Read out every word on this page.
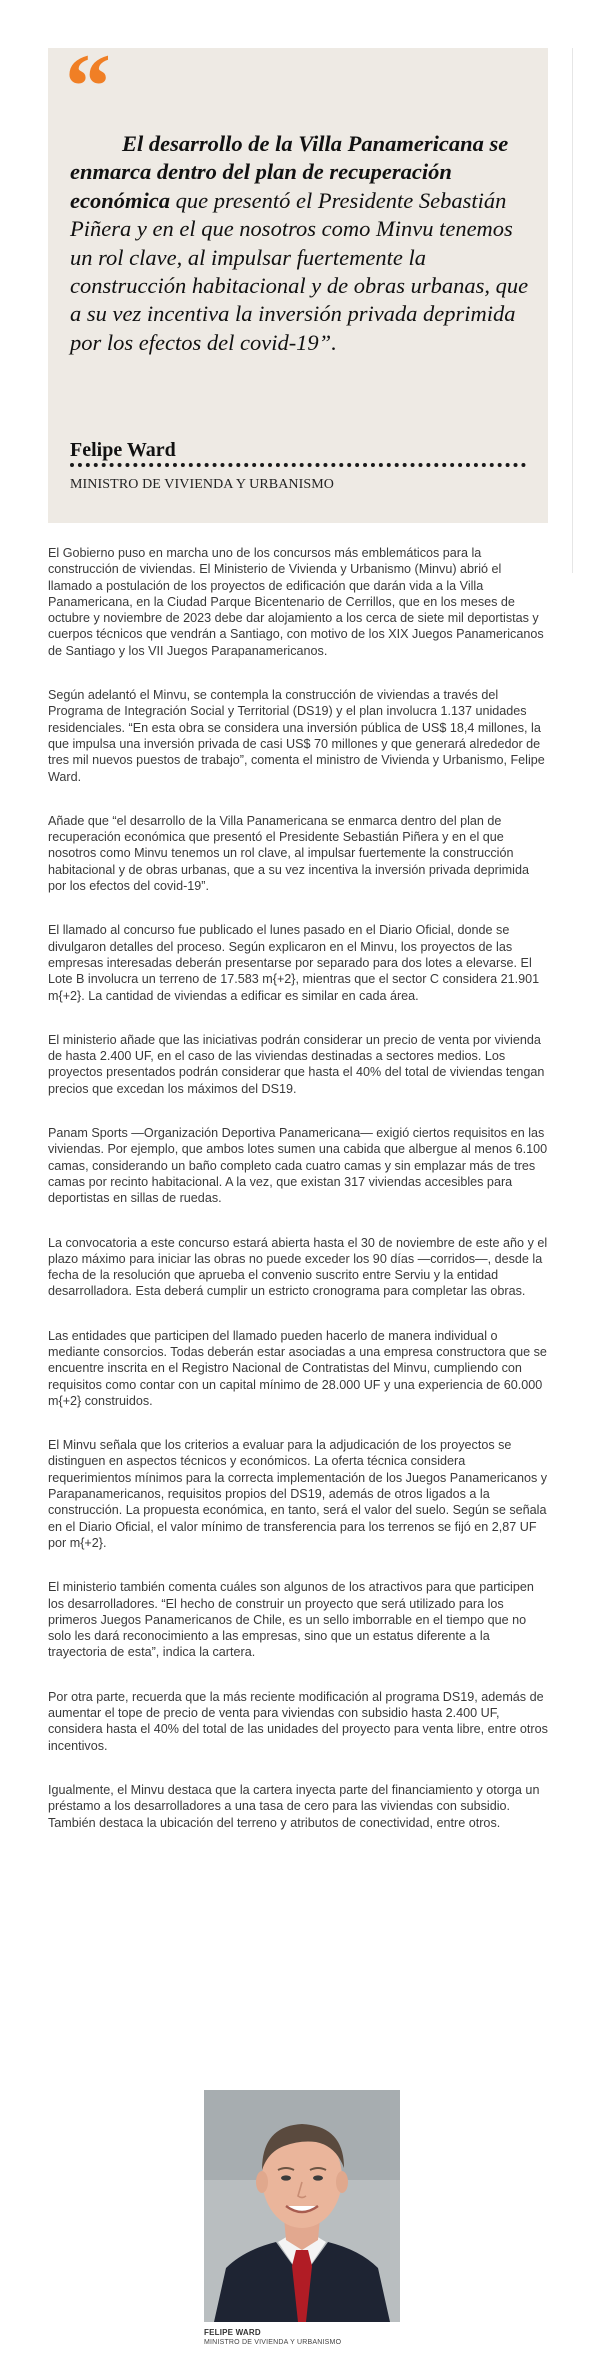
“

El desarrollo de la Villa Panamericana se enmarca dentro del plan de recuperación económica que presentó el Presidente Sebastián Piñera y en el que nosotros como Minvu tenemos un rol clave, al impulsar fuertemente la construcción habitacional y de obras urbanas, que a su vez incentiva la inversión privada deprimida por los efectos del covid-19”.

Felipe Ward

MINISTRO DE VIVIENDA Y URBANISMO

El Gobierno puso en marcha uno de los concursos más emblemáticos para la construcción de viviendas. El Ministerio de Vivienda y Urbanismo (Minvu) abrió el llamado a postulación de los proyectos de edificación que darán vida a la Villa Panamericana, en la Ciudad Parque Bicentenario de Cerrillos, que en los meses de octubre y noviembre de 2023 debe dar alojamiento a los cerca de siete mil deportistas y cuerpos técnicos que vendrán a Santiago, con motivo de los XIX Juegos Panamericanos de Santiago y los VII Juegos Parapanamericanos.

Según adelantó el Minvu, se contempla la construcción de viviendas a través del Programa de Integración Social y Territorial (DS19) y el plan involucra 1.137 unidades residenciales. “En esta obra se considera una inversión pública de US$ 18,4 millones, la que impulsa una inversión privada de casi US$ 70 millones y que generará alrededor de tres mil nuevos puestos de trabajo”, comenta el ministro de Vivienda y Urbanismo, Felipe Ward.

Añade que “el desarrollo de la Villa Panamericana se enmarca dentro del plan de recuperación económica que presentó el Presidente Sebastián Piñera y en el que nosotros como Minvu tenemos un rol clave, al impulsar fuertemente la construcción habitacional y de obras urbanas, que a su vez incentiva la inversión privada deprimida por los efectos del covid-19”.

El llamado al concurso fue publicado el lunes pasado en el Diario Oficial, donde se divulgaron detalles del proceso. Según explicaron en el Minvu, los proyectos de las empresas interesadas deberán presentarse por separado para dos lotes a elevarse. El Lote B involucra un terreno de 17.583 m{+2}, mientras que el sector C considera 21.901 m{+2}. La cantidad de viviendas a edificar es similar en cada área.

El ministerio añade que las iniciativas podrán considerar un precio de venta por vivienda de hasta 2.400 UF, en el caso de las viviendas destinadas a sectores medios. Los proyectos presentados podrán considerar que hasta el 40% del total de viviendas tengan precios que excedan los máximos del DS19.

Panam Sports —Organización Deportiva Panamericana— exigió ciertos requisitos en las viviendas. Por ejemplo, que ambos lotes sumen una cabida que albergue al menos 6.100 camas, considerando un baño completo cada cuatro camas y sin emplazar más de tres camas por recinto habitacional. A la vez, que existan 317 viviendas accesibles para deportistas en sillas de ruedas.

La convocatoria a este concurso estará abierta hasta el 30 de noviembre de este año y el plazo máximo para iniciar las obras no puede exceder los 90 días —corridos—, desde la fecha de la resolución que aprueba el convenio suscrito entre Serviu y la entidad desarrolladora. Esta deberá cumplir un estricto cronograma para completar las obras.

Las entidades que participen del llamado pueden hacerlo de manera individual o mediante consorcios. Todas deberán estar asociadas a una empresa constructora que se encuentre inscrita en el Registro Nacional de Contratistas del Minvu, cumpliendo con requisitos como contar con un capital mínimo de 28.000 UF y una experiencia de 60.000 m{+2} construidos.

El Minvu señala que los criterios a evaluar para la adjudicación de los proyectos se distinguen en aspectos técnicos y económicos. La oferta técnica considera requerimientos mínimos para la correcta implementación de los Juegos Panamericanos y Parapanamericanos, requisitos propios del DS19, además de otros ligados a la construcción. La propuesta económica, en tanto, será el valor del suelo. Según se señala en el Diario Oficial, el valor mínimo de transferencia para los terrenos se fijó en 2,87 UF por m{+2}.

El ministerio también comenta cuáles son algunos de los atractivos para que participen los desarrolladores. “El hecho de construir un proyecto que será utilizado para los primeros Juegos Panamericanos de Chile, es un sello imborrable en el tiempo que no solo les dará reconocimiento a las empresas, sino que un estatus diferente a la trayectoria de esta”, indica la cartera.

Por otra parte, recuerda que la más reciente modificación al programa DS19, además de aumentar el tope de precio de venta para viviendas con subsidio hasta 2.400 UF, considera hasta el 40% del total de las unidades del proyecto para venta libre, entre otros incentivos.

Igualmente, el Minvu destaca que la cartera inyecta parte del financiamiento y otorga un préstamo a los desarrolladores a una tasa de cero para las viviendas con subsidio. También destaca la ubicación del terreno y atributos de conectividad, entre otros.

FELIPE WARD

MINISTRO DE VIVIENDA Y URBANISMO
